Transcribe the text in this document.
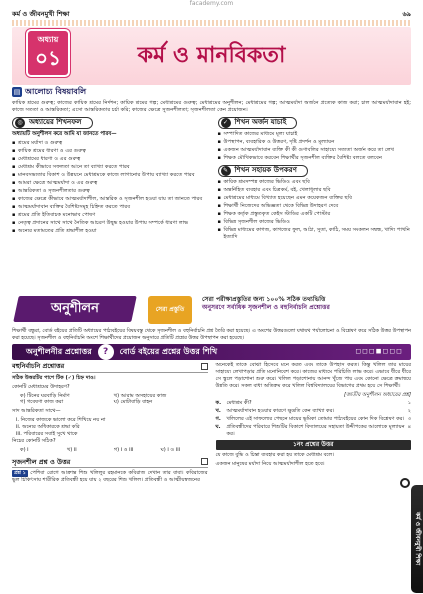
facademy.com
কর্ম ও জীবনমুখী শিক্ষা	৬৯
অধ্যায়
০১	কর্ম ও মানবিকতা
▤ আলোচ্য বিষয়াবলি
কায়িক শ্রমের গুরুত্ব; কাজের কায়িক শ্রমের নির্দশন; কায়িক শ্রমের গল্প; মেধাশ্রমের গুরুত্ব; মেধাশ্রমের অনুশীলন; মেধাশ্রমের গল্প; আত্মমর্যাদা অর্জনে প্রত্যেক কাজ করা; চাল আত্মমর্যাদাবান হই; কাজে সততা ও আন্তরিকতা; এসো আন্তরিকতার চর্চা করি; কাজের ক্ষেত্রে সুজনশীলতা; সৃজনশীলতা কেন প্রয়োজন।
◎ অধ্যায়ের শিখনফল
অধ্যায়টি অনুশীলন করে আমি যা জানতে পারব—
▪ শ্রমের মর্যাদা ও গুরুত্ব
▪ কায়িক শ্রমের ধারণা ও এর গুরুত্ব
▪ মেধাশ্রমের ধারণা ও এর গুরুত্ব
▪ মেধাশ্রম কীভাবে সফলতা আনে তা ব্যাখ্যা করতে পারব
▪ মানবসভ্যতার বিকাশ ও উন্নয়নে মেধাশ্রমকে কাজে লাগানোর উপায় ব্যাখ্যা করতে পারব
▪ আমরা ক্ষেত্রে আত্মমর্যাদা ও এর গুরুত্ব
▪ আন্তরিকতা ও সৃজনশীলতার গুরুত্ব
▪ কাজের ক্ষেত্রে কীভাবে আত্মমর্যাদাশীল, আন্তরিক ও সৃজনশীল হওয়া যায় তা জানতে পারব
▪ আত্মমর্যাদাবান ব্যক্তির বৈশিষ্ট্যসমূহ চিহ্নিত করতে পারব
▪ শ্রমের প্রতি ইতিবাচক মনোভাব পোষণ
▪ নেতৃত্ব প্রদানের সাথে সাথে নৈতিক আচরণ উদ্বুদ্ধ হওয়ার উপায় সম্পর্কে ধারণা লাভ
▪ অন্যের মতামতের প্রতি শ্রদ্ধাশীল হওয়া
✓ শিখন অর্জন যাচাই
▪ সম্পাদিত কাজের মাধ্যমে মূল্য যাচাই
▪ উপস্থাপন, ব্যবহারিক ও উত্তরণ, দৃষ্টি প্রদর্শন ও মূল্যায়ন
▪ একজন আত্মমর্যাদাবান ব্যক্তি কী কী গুণাবলির সাহায্যে সত্যতা অর্জন করে তা লেখ
▪ শিক্ষক মৌখিকভাবে করবেন শিক্ষার্থীর সৃজনশীল ব্যক্তির বৈশিষ্ট্য বলতে বলবেন
✎ শিখন সহায়ক উপকরণ
▪ কায়িক শ্রমসম্পন্ন কাজের ভিডিও এবং ছবি
▪ অন্তর্নিহিত ব্যবহার এবং চিত্রকর্ম, বই, খেলাধূলার ছবি
▪ মেধাশ্রমের মাধ্যমে বিখ্যাত হয়েছেন এমন কয়েকজন ব্যক্তির ছবি
▪ শিক্ষার্থী নিজেদের অভিজ্ঞতা থেকে বিভিন্ন উদাহরণ দেবে
▪ শিক্ষক কর্তৃক প্রস্তুতকৃত কেইস স্টাডির একটি পোস্টার
▪ বিভিন্ন সৃজনশীল কাজের ভিডিও
▪ বিভিন্ন মাধ্যমের কাগজ, কাগজের ফুল, আঠা, সুতা, কাঠি, সময় সংকলন সম্বন্ধ, খাদ্যি পাখনি ইত্যাদি
অনুশীলন	সেরা প্রস্তুতি
সেরা পরীক্ষাপ্রস্তুতির জন্য ১০০% সঠিক তথ্যভিত্তি
অনুসরণে সর্বাধিক সৃজনশীল ও বহুনির্বাচনি প্রশ্নোত্তর
শিক্ষার্থী বন্ধুরা, বোর্ড বইয়ের প্রতিটি অধ্যায়ের পাঠ্যবইয়ের বিষয়বস্তু থেকে সৃজনশীল ও বহুনির্বাচনি প্রশ্ন তৈরি করা হয়েছে। এ অংশের উত্তরগুলো যথাযথ পর্যালোচনা ও বিশ্লেষণ করে সঠিক উত্তর উপস্থাপন করা হয়েছে। সৃজনশীল ও বহুনির্বাচনি অংশে শিক্ষার্থীদের প্রয়োজন অনুসারে প্রতিটি প্রশ্নের উত্তর উপস্থাপন করা হয়েছে।
অনুশীলনীর প্রশ্নোত্তর	?	বোর্ড বইয়ের প্রশ্নের উত্তর শিখি	◻◻◻◼◻◻◻
বহুনির্বাচনি প্রশ্নোত্তর
সঠিক উত্তরটির পাশে টিক (✓) চিহ্ন দাও।
কোনটি মেধাশ্রমের উদাহরণ?
ক) টিনের ঘরবাড়ি নির্মাণ	খ) আরাম অসহায়ের কাজ
গ) গবেষণা কাজ করা	ঘ) মোটাবাড়ি বাহন
সাদ আন্তরিকতা সাথে—
i. নিজের কাজকে ভালো করে শিখিয়ে নয় না
ii. অন্যের অধিকারকে শ্রদ্ধা করি
iii. পরিবারের সবাই সুখে থাকে
নিচের কোনটি সঠিক?
ক) i	খ) ii	গ) i ও iii	ঘ) i ও iii
সৃজনশীল প্রশ্ন ও উত্তর
প্রশ্ন ১ পেশিবা রোগে আক্রান্ত শিশু খলিলুর রহমানকে কবিরাজ দেখান তার বাবা। কবিরাজের ভুল চিকিৎসায় শারীরিক প্রতিবন্ধী হয়ে যায় ২ বছরের শিশু খলিল। প্রতিবন্ধী ও আত্মীয়স্বজনের
অনেকেই তাকে বোঝা হিসেবে মনে করত এবং তাকে উপহাস করত। কিন্তু খলিল তার মায়ের সাহায্যে লেখাপড়ার প্রতি মনোনিবেশ করে। কাজের মাধ্যমে পরিচিতি লাভ করে। এভাবে ধীরে ধীরে সে স্কুলে পড়াশোনা শুরু করে। খলিল পড়াশোনায় আনন্দ খুঁজে পায় এবং কোনো ক্ষেত্রে ক্রমান্বয়ে উন্নতি করে। সকল বাধা অতিক্রম করে খলিল বিশ্ববিদ্যালয়ের বিভাগের প্রথম হয়ে সে শিক্ষার্থী।
[জাতীয় অনুশীলন অধ্যায়ের প্রশ্ন]
ক.	মেধাশ্রম কী?	১
খ.	আত্মমর্যাদাবান হওয়ার কারণে ক্ষুদ্রতি কেন ব্যাখ্যা কর।	২
গ.	খলিলের এই সাফল্যের পেছনে মায়ের ভূমিকা তোমার পাঠ্যবইয়ের কোন দিক বিশ্লেষণ কর। ৩
ঘ.	প্রতিবন্ধীদের পরিবারে শিশুটির বিকাশে বিদ্যালয়ের সহায়তা উদ্দীপকের আলোকে মূল্যায়ন কর।
৪
১নং প্রশ্নের উত্তর
যে কাজে বুদ্ধি ও চিন্তা ব্যবহার করা হয় তাকে মেধাশ্রম বলে।
একজন মানুষের মর্যাদা নিয়ে আত্মমর্যাদাশীল হতে হবে।
কর্ম ও জীবনমুখী শিক্ষা
